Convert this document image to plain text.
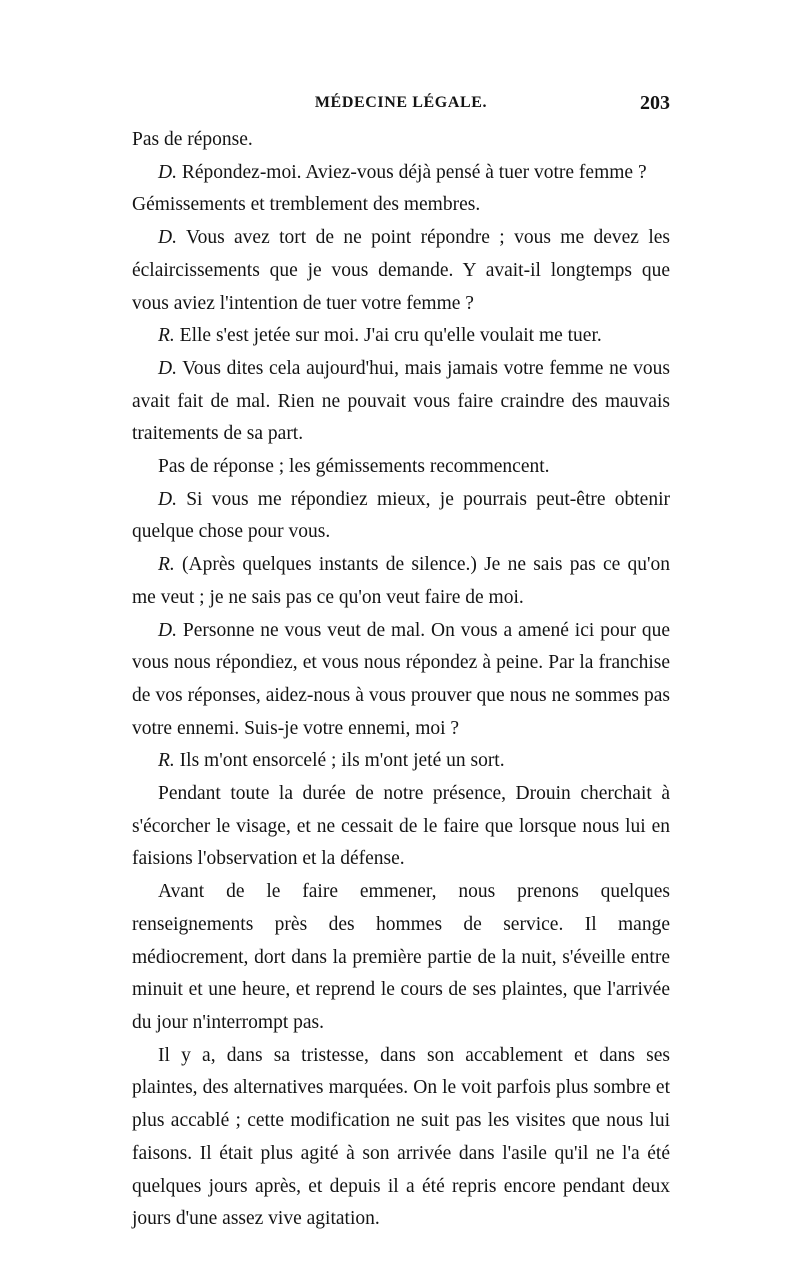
MÉDECINE LÉGALE.	203

Pas de réponse.

D. Répondez-moi. Aviez-vous déjà pensé à tuer votre femme ?

Gémissements et tremblement des membres.

D. Vous avez tort de ne point répondre ; vous me devez les éclaircissements que je vous demande. Y avait-il longtemps que vous aviez l'intention de tuer votre femme ?

R. Elle s'est jetée sur moi. J'ai cru qu'elle voulait me tuer.

D. Vous dites cela aujourd'hui, mais jamais votre femme ne vous avait fait de mal. Rien ne pouvait vous faire craindre des mauvais traitements de sa part.

Pas de réponse ; les gémissements recommencent.

D. Si vous me répondiez mieux, je pourrais peut-être obtenir quelque chose pour vous.

R. (Après quelques instants de silence.) Je ne sais pas ce qu'on me veut ; je ne sais pas ce qu'on veut faire de moi.

D. Personne ne vous veut de mal. On vous a amené ici pour que vous nous répondiez, et vous nous répondez à peine. Par la franchise de vos réponses, aidez-nous à vous prouver que nous ne sommes pas votre ennemi. Suis-je votre ennemi, moi ?

R. Ils m'ont ensorcelé ; ils m'ont jeté un sort.

Pendant toute la durée de notre présence, Drouin cherchait à s'écorcher le visage, et ne cessait de le faire que lorsque nous lui en faisions l'observation et la défense.

Avant de le faire emmener, nous prenons quelques renseignements près des hommes de service. Il mange médiocrement, dort dans la première partie de la nuit, s'éveille entre minuit et une heure, et reprend le cours de ses plaintes, que l'arrivée du jour n'interrompt pas.

Il y a, dans sa tristesse, dans son accablement et dans ses plaintes, des alternatives marquées. On le voit parfois plus sombre et plus accablé ; cette modification ne suit pas les visites que nous lui faisons. Il était plus agité à son arrivée dans l'asile qu'il ne l'a été quelques jours après, et depuis il a été repris encore pendant deux jours d'une assez vive agitation.
